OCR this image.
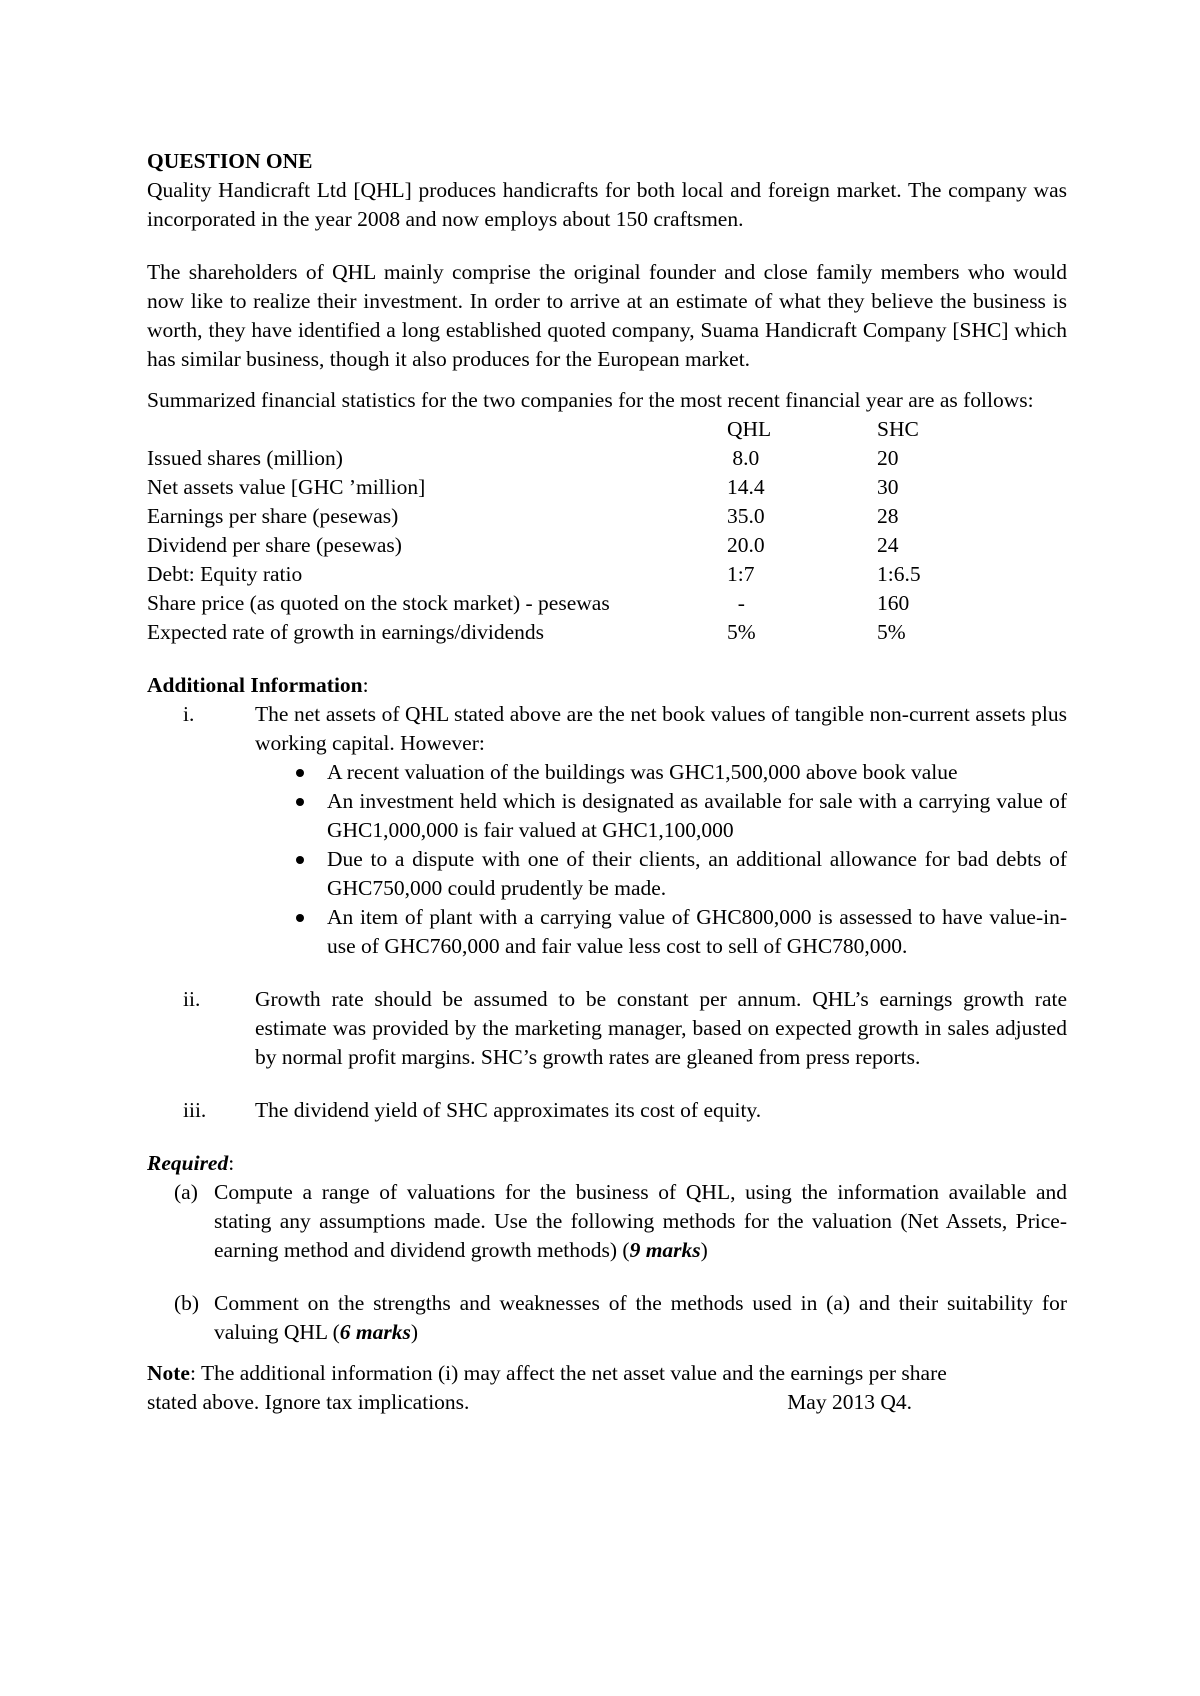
QUESTION ONE

Quality Handicraft Ltd [QHL] produces handicrafts for both local and foreign market. The company was incorporated in the year 2008 and now employs about 150 craftsmen.

The shareholders of QHL mainly comprise the original founder and close family members who would now like to realize their investment. In order to arrive at an estimate of what they believe the business is worth, they have identified a long established quoted company, Suama Handicraft Company [SHC] which has similar business, though it also produces for the European market.

Summarized financial statistics for the two companies for the most recent financial year are as follows:

	QHL	SHC
Issued shares (million)	8.0	20
Net assets value [GHC ’million]	14.4	30
Earnings per share (pesewas)	35.0	28
Dividend per share (pesewas)	20.0	24
Debt: Equity ratio	1:7	1:6.5
Share price (as quoted on the stock market) - pesewas	-	160
Expected rate of growth in earnings/dividends	5%	5%

Additional Information:

i.	The net assets of QHL stated above are the net book values of tangible non-current assets plus working capital. However:

A recent valuation of the buildings was GHC1,500,000 above book value
An investment held which is designated as available for sale with a carrying value of GHC1,000,000 is fair valued at GHC1,100,000
Due to a dispute with one of their clients, an additional allowance for bad debts of GHC750,000 could prudently be made.
An item of plant with a carrying value of GHC800,000 is assessed to have value-in-use of GHC760,000 and fair value less cost to sell of GHC780,000.
ii.	Growth rate should be assumed to be constant per annum. QHL’s earnings growth rate estimate was provided by the marketing manager, based on expected growth in sales adjusted by normal profit margins. SHC’s growth rates are gleaned from press reports.

iii.	The dividend yield of SHC approximates its cost of equity.

Required:

(a) Compute a range of valuations for the business of QHL, using the information available and stating any assumptions made. Use the following methods for the valuation (Net Assets, Price-earning method and dividend growth methods) (9 marks)

(b) Comment on the strengths and weaknesses of the methods used in (a) and their suitability for valuing QHL (6 marks)

Note: The additional information (i) may affect the net asset value and the earnings per share

stated above. Ignore tax implications.	May 2013 Q4.
